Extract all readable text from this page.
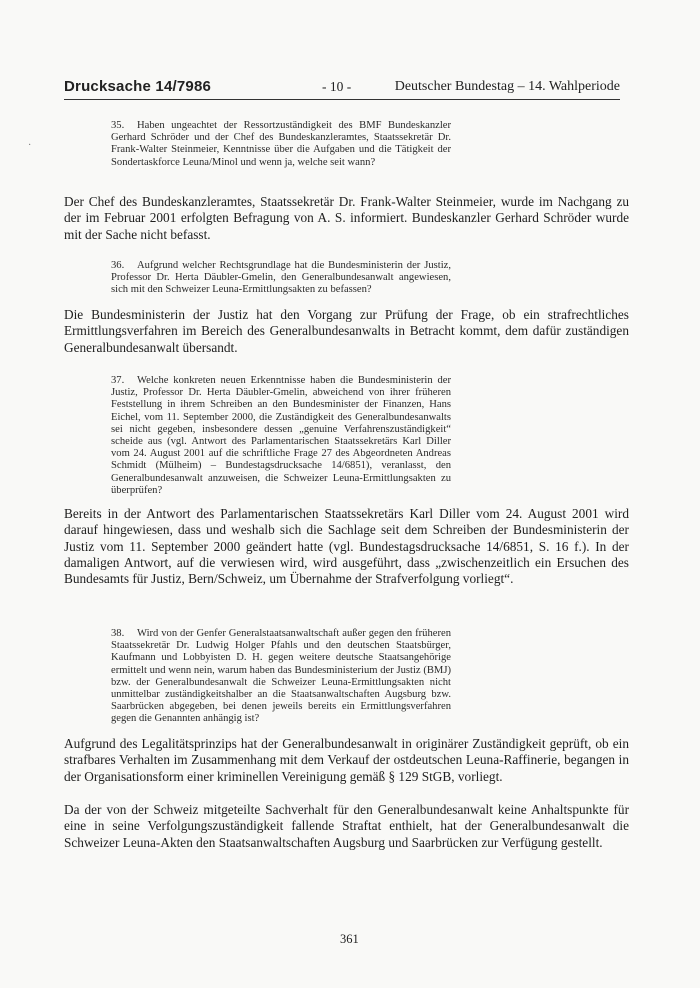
Drucksache 14/7986	- 10 -	Deutscher Bundestag – 14. Wahlperiode
·
35. Haben ungeachtet der Ressortzuständigkeit des BMF Bundeskanzler Gerhard Schröder und der Chef des Bundeskanzleramtes, Staatssekretär Dr. Frank-Walter Steinmeier, Kenntnisse über die Aufgaben und die Tätigkeit der Sondertaskforce Leuna/Minol und wenn ja, welche seit wann?
Der Chef des Bundeskanzleramtes, Staatssekretär Dr. Frank-Walter Steinmeier, wurde im Nachgang zu der im Februar 2001 erfolgten Befragung von A. S. informiert. Bundeskanzler Gerhard Schröder wurde mit der Sache nicht befasst.
36. Aufgrund welcher Rechtsgrundlage hat die Bundesministerin der Justiz, Professor Dr. Herta Däubler-Gmelin, den Generalbundesanwalt angewiesen, sich mit den Schweizer Leuna-Ermittlungsakten zu befassen?
Die Bundesministerin der Justiz hat den Vorgang zur Prüfung der Frage, ob ein strafrechtliches Ermittlungsverfahren im Bereich des Generalbundesanwalts in Betracht kommt, dem dafür zuständigen Generalbundesanwalt übersandt.
37. Welche konkreten neuen Erkenntnisse haben die Bundesministerin der Justiz, Professor Dr. Herta Däubler-Gmelin, abweichend von ihrer früheren Feststellung in ihrem Schreiben an den Bundesminister der Finanzen, Hans Eichel, vom 11. September 2000, die Zuständigkeit des Generalbundesanwalts sei nicht gegeben, insbesondere dessen „genuine Verfahrenszuständigkeit“ scheide aus (vgl. Antwort des Parlamentarischen Staatssekretärs Karl Diller vom 24. August 2001 auf die schriftliche Frage 27 des Abgeordneten Andreas Schmidt (Mülheim) – Bundestagsdrucksache 14/6851), veranlasst, den Generalbundesanwalt anzuweisen, die Schweizer Leuna-Ermittlungsakten zu überprüfen?
Bereits in der Antwort des Parlamentarischen Staatssekretärs Karl Diller vom 24. August 2001 wird darauf hingewiesen, dass und weshalb sich die Sachlage seit dem Schreiben der Bundesministerin der Justiz vom 11. September 2000 geändert hatte (vgl. Bundestagsdrucksache 14/6851, S. 16 f.). In der damaligen Antwort, auf die verwiesen wird, wird ausgeführt, dass „zwischenzeitlich ein Ersuchen des Bundesamts für Justiz, Bern/Schweiz, um Übernahme der Strafverfolgung vorliegt“.
38. Wird von der Genfer Generalstaatsanwaltschaft außer gegen den früheren Staatssekretär Dr. Ludwig Holger Pfahls und den deutschen Staatsbürger, Kaufmann und Lobbyisten D. H. gegen weitere deutsche Staatsangehörige ermittelt und wenn nein, warum haben das Bundesministerium der Justiz (BMJ) bzw. der Generalbundesanwalt die Schweizer Leuna-Ermittlungsakten nicht unmittelbar zuständigkeitshalber an die Staatsanwaltschaften Augsburg bzw. Saarbrücken abgegeben, bei denen jeweils bereits ein Ermittlungsverfahren gegen die Genannten anhängig ist?
Aufgrund des Legalitätsprinzips hat der Generalbundesanwalt in originärer Zuständigkeit geprüft, ob ein strafbares Verhalten im Zusammenhang mit dem Verkauf der ostdeutschen Leuna-Raffinerie, begangen in der Organisationsform einer kriminellen Vereinigung gemäß § 129 StGB, vorliegt.
Da der von der Schweiz mitgeteilte Sachverhalt für den Generalbundesanwalt keine Anhaltspunkte für eine in seine Verfolgungszuständigkeit fallende Straftat enthielt, hat der Generalbundesanwalt die Schweizer Leuna-Akten den Staatsanwaltschaften Augsburg und Saarbrücken zur Verfügung gestellt.
361
